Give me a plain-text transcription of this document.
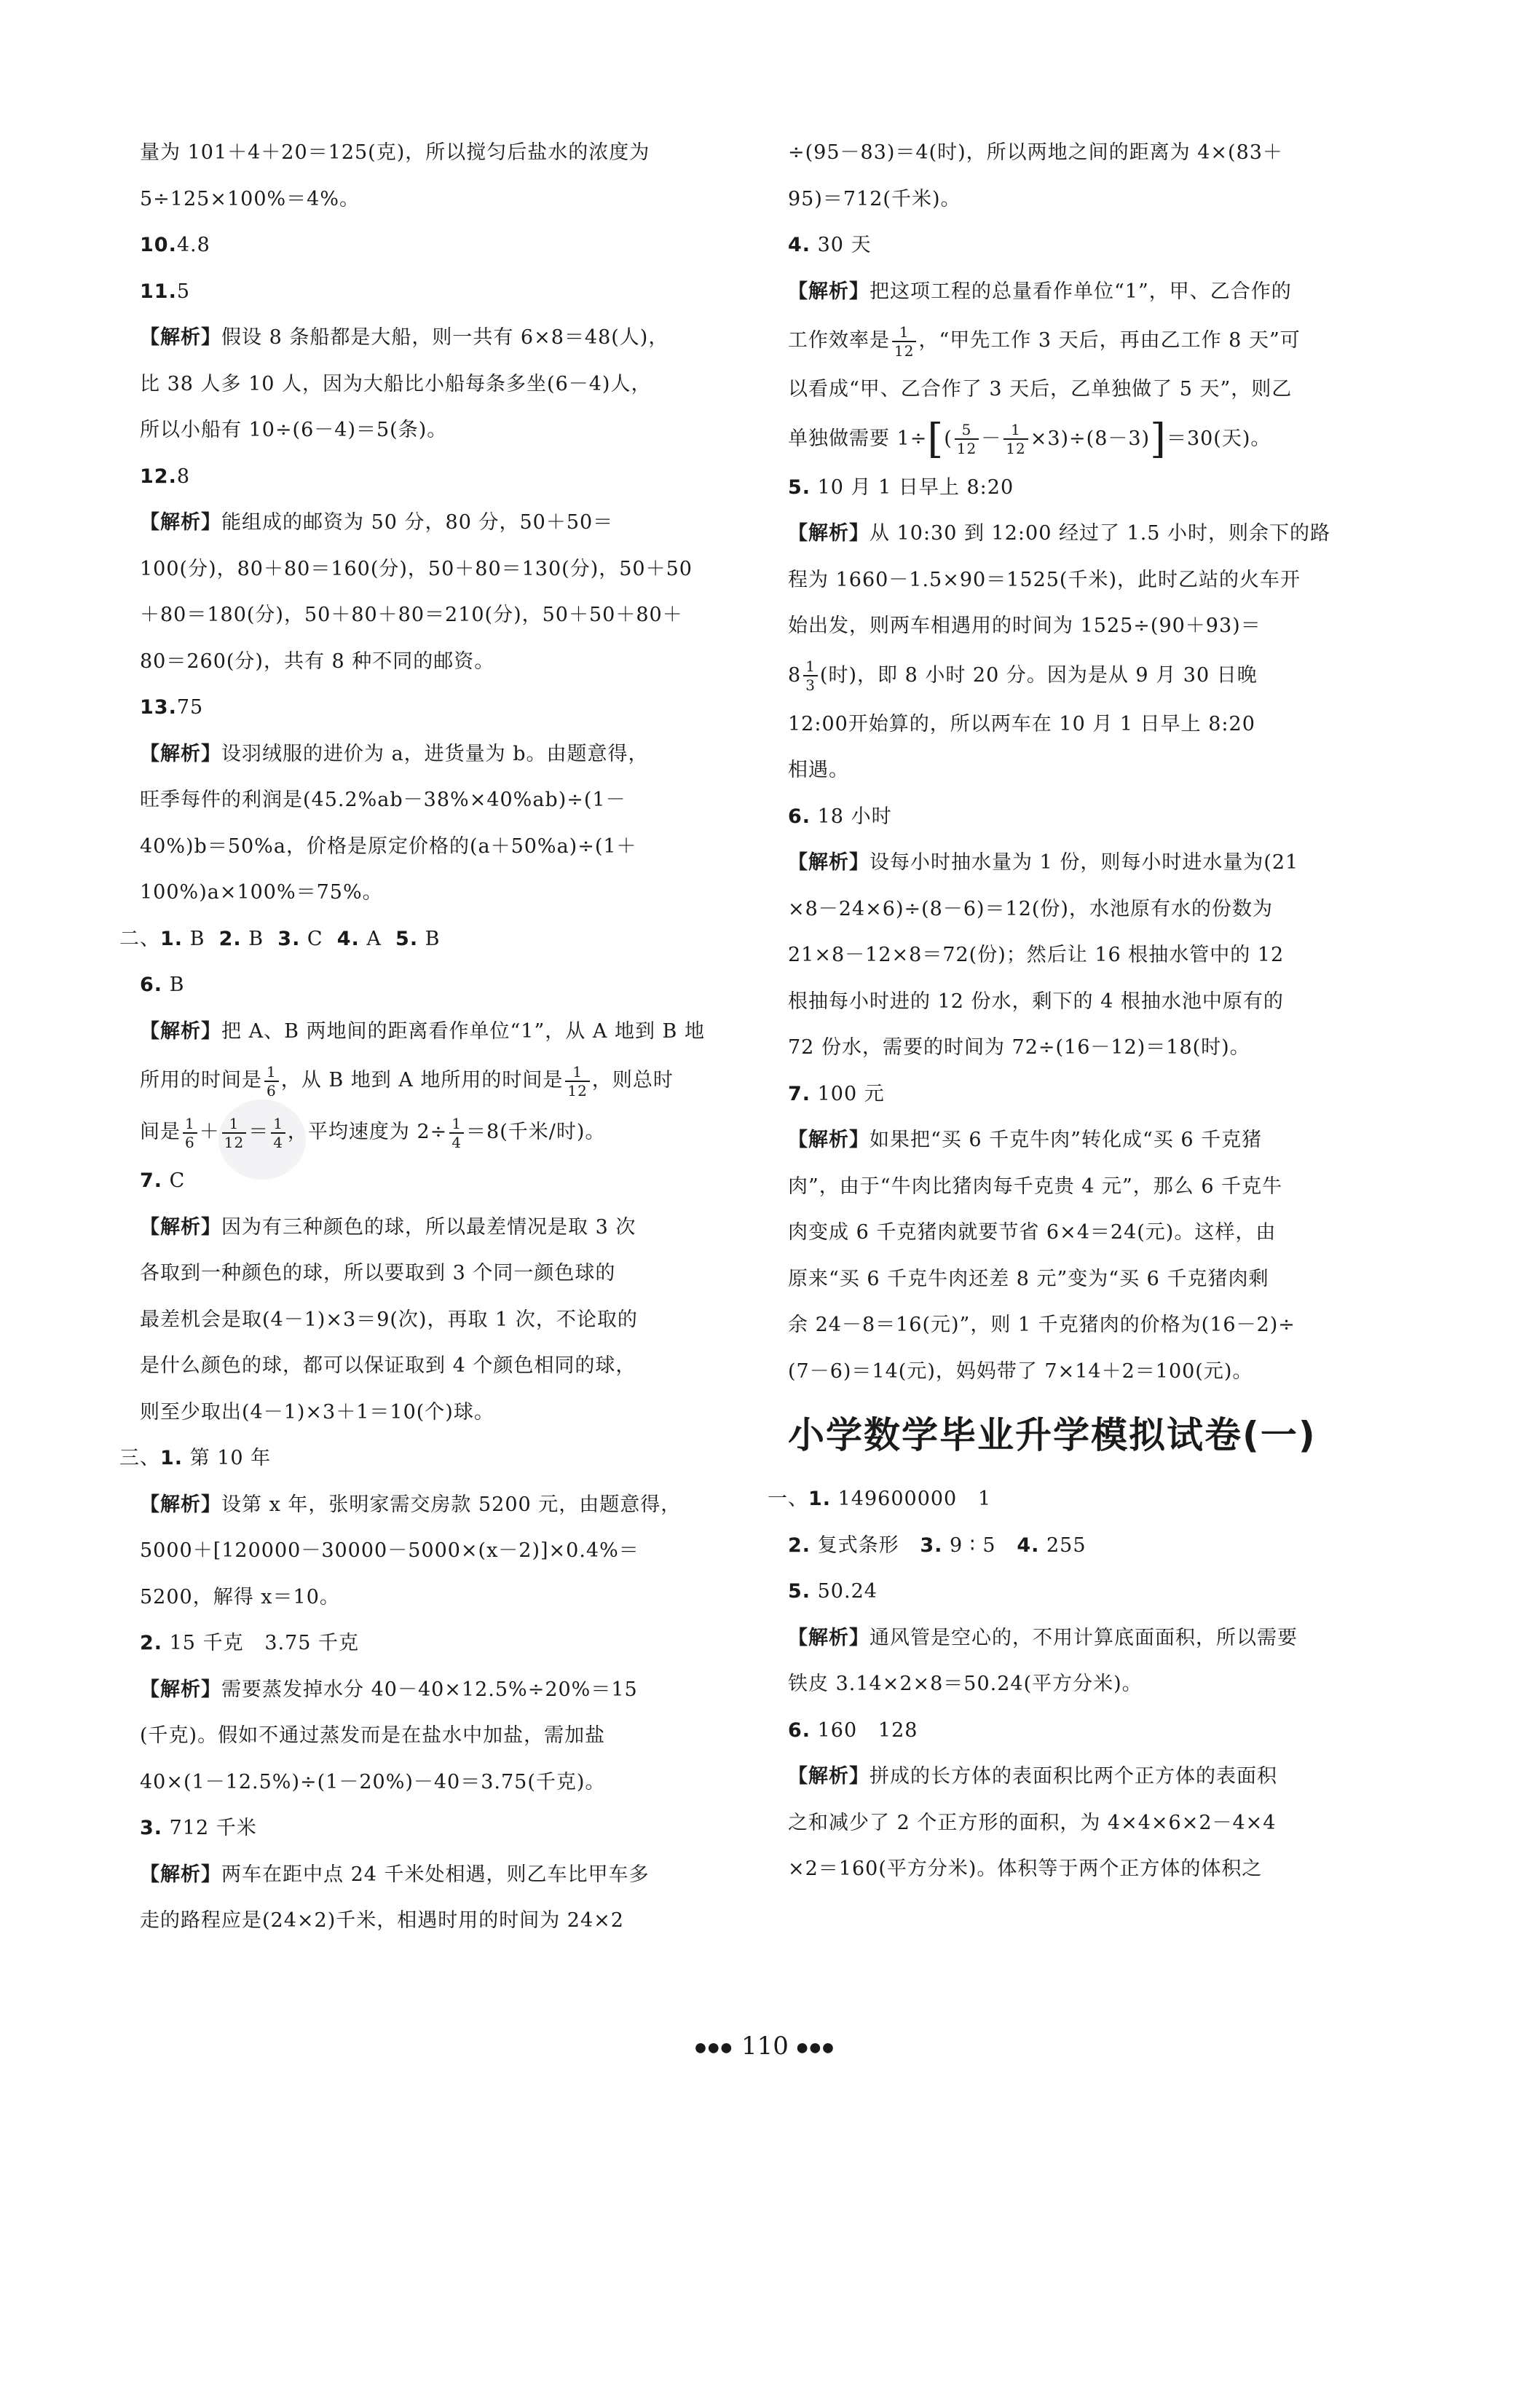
量为 101＋4＋20＝125(克)，所以搅匀后盐水的浓度为
5÷125×100%＝4%。
10.4.8
11.5
【解析】假设 8 条船都是大船，则一共有 6×8＝48(人)，
比 38 人多 10 人，因为大船比小船每条多坐(6－4)人，
所以小船有 10÷(6－4)＝5(条)。
12.8
【解析】能组成的邮资为 50 分，80 分，50＋50＝
100(分)，80＋80＝160(分)，50＋80＝130(分)，50＋50
＋80＝180(分)，50＋80＋80＝210(分)，50＋50＋80＋
80＝260(分)，共有 8 种不同的邮资。
13.75
【解析】设羽绒服的进价为 a，进货量为 b。由题意得，
旺季每件的利润是(45.2%ab－38%×40%ab)÷(1－
40%)b＝50%a，价格是原定价格的(a＋50%a)÷(1＋
100%)a×100%＝75%。
二、1. B  2. B  3. C  4. A  5. B
6. B
【解析】把 A、B 两地间的距离看作单位“1”，从 A 地到 B 地
所用的时间是 $\frac{1}{6}$ ，从 B 地到 A 地所用的时间是 $\frac{1}{12}$ ，则总时
间是 $\frac{1}{6} + \frac{1}{12} = \frac{1}{4}$ ，平均速度为 $2\div \frac{1}{4} =8$(千米/时)。
7. C
【解析】因为有三种颜色的球，所以最差情况是取 3 次
各取到一种颜色的球，所以要取到 3 个同一颜色球的
最差机会是取(4－1)×3＝9(次)，再取 1 次，不论取的
是什么颜色的球，都可以保证取到 4 个颜色相同的球，
则至少取出(4－1)×3＋1＝10(个)球。
三、1. 第 10 年
【解析】设第 x 年，张明家需交房款 5200 元，由题意得，
5000＋[120000－30000－5000×(x－2)]×0.4%＝
5200，解得 x＝10。
2. 15 千克   3.75 千克
【解析】需要蒸发掉水分 40－40×12.5%÷20%＝15
(千克)。假如不通过蒸发而是在盐水中加盐，需加盐
40×(1－12.5%)÷(1－20%)－40＝3.75(千克)。
3. 712 千米
【解析】两车在距中点 24 千米处相遇，则乙车比甲车多
走的路程应是(24×2)千米，相遇时用的时间为 24×2
÷(95－83)＝4(时)，所以两地之间的距离为 4×(83＋
95)＝712(千米)。
4. 30 天
【解析】把这项工程的总量看作单位“1”，甲、乙合作的
工作效率是 $\frac{1}{12}$ ，“甲先工作 3 天后，再由乙工作 8 天”可
以看成“甲、乙合作了 3 天后，乙单独做了 5 天”，则乙
单独做需要 $1\div[( \frac{5}{12} - \frac{1}{12} \times 3)\div(8-3)]=30$(天)。
5. 10 月 1 日早上 8:20
【解析】从 10:30 到 12:00 经过了 1.5 小时，则余下的路
程为 1660－1.5×90＝1525(千米)，此时乙站的火车开
始出发，则两车相遇用的时间为 1525÷(90＋93)＝
$8 \frac{1}{3}$ (时)，即 8 小时 20 分。因为是从 9 月 30 日晚
12:00开始算的，所以两车在 10 月 1 日早上 8:20
相遇。
6. 18 小时
【解析】设每小时抽水量为 1 份，则每小时进水量为(21
×8－24×6)÷(8－6)＝12(份)，水池原有水的份数为
21×8－12×8＝72(份)；然后让 16 根抽水管中的 12
根抽每小时进的 12 份水，剩下的 4 根抽水池中原有的
72 份水，需要的时间为 72÷(16－12)＝18(时)。
7. 100 元
【解析】如果把“买 6 千克牛肉”转化成“买 6 千克猪
肉”，由于“牛肉比猪肉每千克贵 4 元”，那么 6 千克牛
肉变成 6 千克猪肉就要节省 6×4＝24(元)。这样，由
原来“买 6 千克牛肉还差 8 元”变为“买 6 千克猪肉剩
余 24－8＝16(元)”，则 1 千克猪肉的价格为(16－2)÷
(7－6)＝14(元)，妈妈带了 7×14＋2＝100(元)。
小学数学毕业升学模拟试卷(一)
一、1. 149600000   1
2. 复式条形   3. 9 ∶ 5   4. 255
5. 50.24
【解析】通风管是空心的，不用计算底面面积，所以需要
铁皮 3.14×2×8＝50.24(平方分米)。
6. 160   128
【解析】拼成的长方体的表面积比两个正方体的表面积
之和减少了 2 个正方形的面积，为 4×4×6×2－4×4
×2＝160(平方分米)。体积等于两个正方体的体积之
●●● 110 ●●●
